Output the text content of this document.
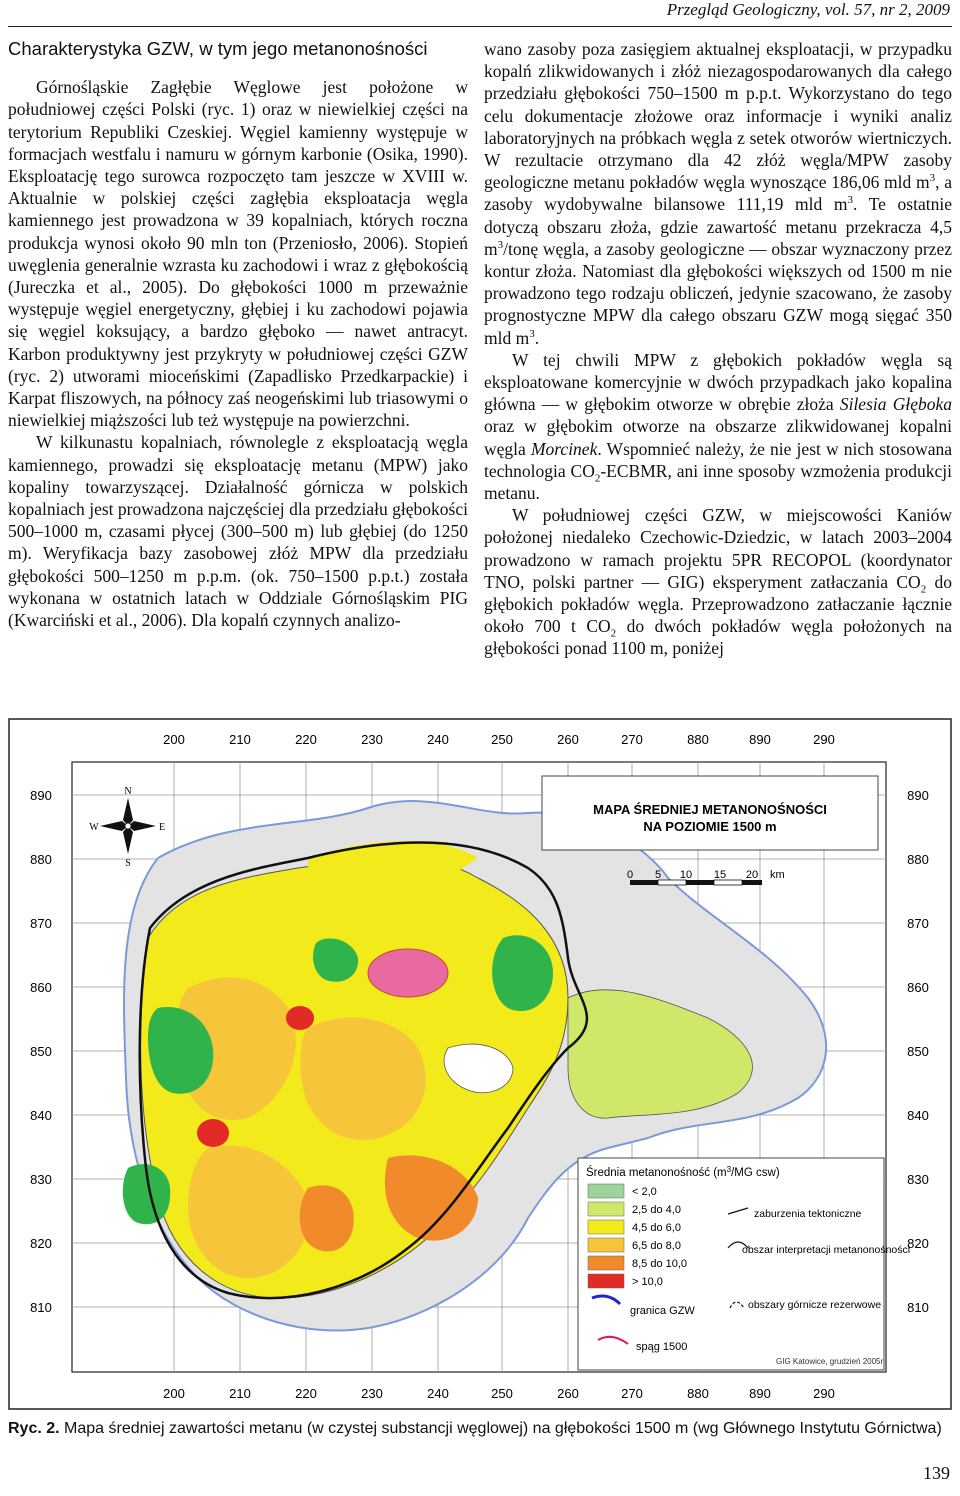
Przegląd Geologiczny, vol. 57, nr 2, 2009
Charakterystyka GZW, w tym jego metanonośności

Górnośląskie Zagłębie Węglowe jest położone w południowej części Polski (ryc. 1) oraz w niewielkiej części na terytorium Republiki Czeskiej. Węgiel kamienny występuje w formacjach westfalu i namuru w górnym karbonie (Osika, 1990). Eksploatację tego surowca rozpoczęto tam jeszcze w XVIII w. Aktualnie w polskiej części zagłębia eksploatacja węgla kamiennego jest prowadzona w 39 kopalniach, których roczna produkcja wynosi około 90 mln ton (Przeniosło, 2006). Stopień uwęglenia generalnie wzrasta ku zachodowi i wraz z głębokością (Jureczka et al., 2005). Do głębokości 1000 m przeważnie występuje węgiel energetyczny, głębiej i ku zachodowi pojawia się węgiel koksujący, a bardzo głęboko — nawet antracyt. Karbon produktywny jest przykryty w południowej części GZW (ryc. 2) utworami mioceńskimi (Zapadlisko Przedkarpackie) i Karpat fliszowych, na północy zaś neogeńskimi lub triasowymi o niewielkiej miąższości lub też występuje na powierzchni.

W kilkunastu kopalniach, równolegle z eksploatacją węgla kamiennego, prowadzi się eksploatację metanu (MPW) jako kopaliny towarzyszącej. Działalność górnicza w polskich kopalniach jest prowadzona najczęściej dla przedziału głębokości 500–1000 m, czasami płycej (300–500 m) lub głębiej (do 1250 m). Weryfikacja bazy zasobowej złóż MPW dla przedziału głębokości 500–1250 m p.p.m. (ok. 750–1500 p.p.t.) została wykonana w ostatnich latach w Oddziale Górnośląskim PIG (Kwarciński et al., 2006). Dla kopalń czynnych analizo-

wano zasoby poza zasięgiem aktualnej eksploatacji, w przypadku kopalń zlikwidowanych i złóż niezagospodarowanych dla całego przedziału głębokości 750–1500 m p.p.t. Wykorzystano do tego celu dokumentacje złożowe oraz informacje i wyniki analiz laboratoryjnych na próbkach węgla z setek otworów wiertniczych. W rezultacie otrzymano dla 42 złóż węgla/MPW zasoby geologiczne metanu pokładów węgla wynoszące 186,06 mld $m^3$, a zasoby wydobywalne bilansowe 111,19 mld $m^3$. Te ostatnie dotyczą obszaru złoża, gdzie zawartość metanu przekracza 4,5 $m^3$/tonę węgla, a zasoby geologiczne — obszar wyznaczony przez kontur złoża. Natomiast dla głębokości większych od 1500 m nie prowadzono tego rodzaju obliczeń, jedynie szacowano, że zasoby prognostyczne MPW dla całego obszaru GZW mogą sięgać 350 mld $m^3$.

W tej chwili MPW z głębokich pokładów węgla są eksploatowane komercyjnie w dwóch przypadkach jako kopalina główna — w głębokim otworze w obrębie złoża Silesia Głęboka oraz w głębokim otworze na obszarze zlikwidowanej kopalni węgla Morcinek. Wspomnieć należy, że nie jest w nich stosowana technologia $CO_2$-ECBMR, ani inne sposoby wzmożenia produkcji metanu.

W południowej części GZW, w miejscowości Kaniów położonej niedaleko Czechowic-Dziedzic, w latach 2003–2004 prowadzono w ramach projektu 5PR RECOPOL (koordynator TNO, polski partner — GIG) eksperyment zatłaczania $CO_2$ do głębokich pokładów węgla. Przeprowadzono zatłaczanie łącznie około 700 t $CO_2$ do dwóch pokładów węgla położonych na głębokości ponad 1100 m, poniżej

MAPA ŚREDNIEJ METANONOŚNOŚCI
NA POZIOMIE 1500 m
0 5 10 15 20 km
N
S
W	E
Średnia metanonośność ($m^3/MG$ csw)
< 2,0
2,5 do 4,0
4,5 do 6,0
6,5 do 8,0
8,5 do 10,0
> 10,0
zaburzenia tektoniczne
obszar interpretacji metanonośności
obszary górnicze rezerwowe
granica GZW
spąg 1500
GIG Katowice, grudzień 2005r.
200	210	220	230	240	250	260	270	880	890	290
200	210	220	230	240	250	260	270	880	890	290
890
880
870
860
850
840
830
820
810
890
880
870
860
850
840
830
820
810
Ryc. 2. Mapa średniej zawartości metanu (w czystej substancji węglowej) na głębokości 1500 m (wg Głównego Instytutu Górnictwa)
139
